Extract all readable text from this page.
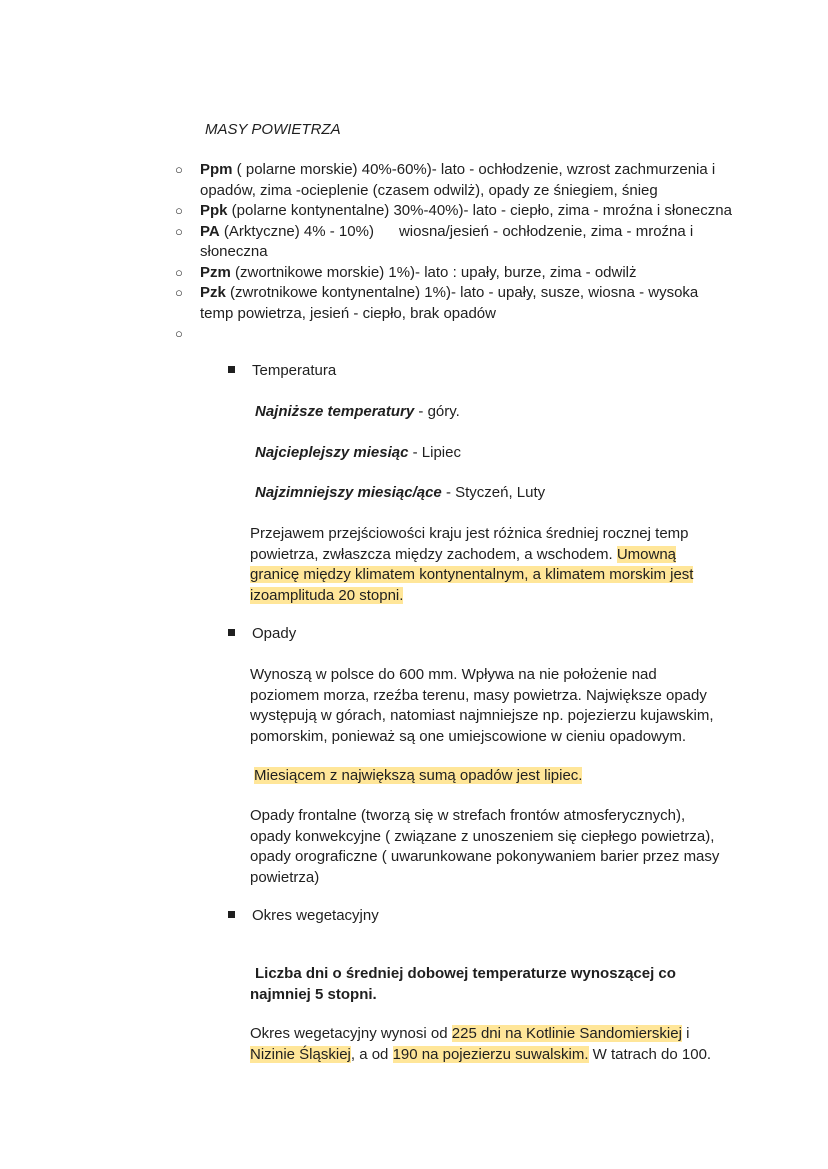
MASY POWIETRZA
○ Ppm ( polarne morskie) 40%-60%)- lato - ochłodzenie, wzrost zachmurzenia i opadów, zima -ocieplenie (czasem odwilż), opady ze śniegiem, śnieg
○ Ppk (polarne kontynentalne) 30%-40%)- lato - ciepło, zima - mroźna i słoneczna
○ PA (Arktyczne) 4% - 10%)      wiosna/jesień - ochłodzenie, zima - mroźna i słoneczna
○ Pzm (zwortnikowe morskie) 1%)- lato : upały, burze, zima - odwilż
○ Pzk (zwrotnikowe kontynentalne) 1%)- lato - upały, susze, wiosna - wysoka temp powietrza, jesień - ciepło, brak opadów
○

Temperatura
Najniższe temperatury - góry.
Najcieplejszy miesiąc - Lipiec
Najzimniejszy miesiąc/ące - Styczeń, Luty
Przejawem przejściowości kraju jest różnica średniej rocznej temp powietrza, zwłaszcza między zachodem, a wschodem. Umowną granicę między klimatem kontynentalnym, a klimatem morskim jest izoamplituda 20 stopni.
Opady
Wynoszą w polsce do 600 mm. Wpływa na nie położenie nad poziomem morza, rzeźba terenu, masy powietrza. Największe opady występują w górach, natomiast najmniejsze np. pojezierzu kujawskim, pomorskim, ponieważ są one umiejscowione w cieniu opadowym.
Miesiącem z największą sumą opadów jest lipiec.
Opady frontalne (tworzą się w strefach frontów atmosferycznych), opady konwekcyjne ( związane z unoszeniem się ciepłego powietrza), opady orograficzne ( uwarunkowane pokonywaniem barier przez masy powietrza)
Okres wegetacyjny
Liczba dni o średniej dobowej temperaturze wynoszącej co najmniej 5 stopni.
Okres wegetacyjny wynosi od 225 dni na Kotlinie Sandomierskiej i Nizinie Śląskiej, a od 190 na pojezierzu suwalskim. W tatrach do 100.
